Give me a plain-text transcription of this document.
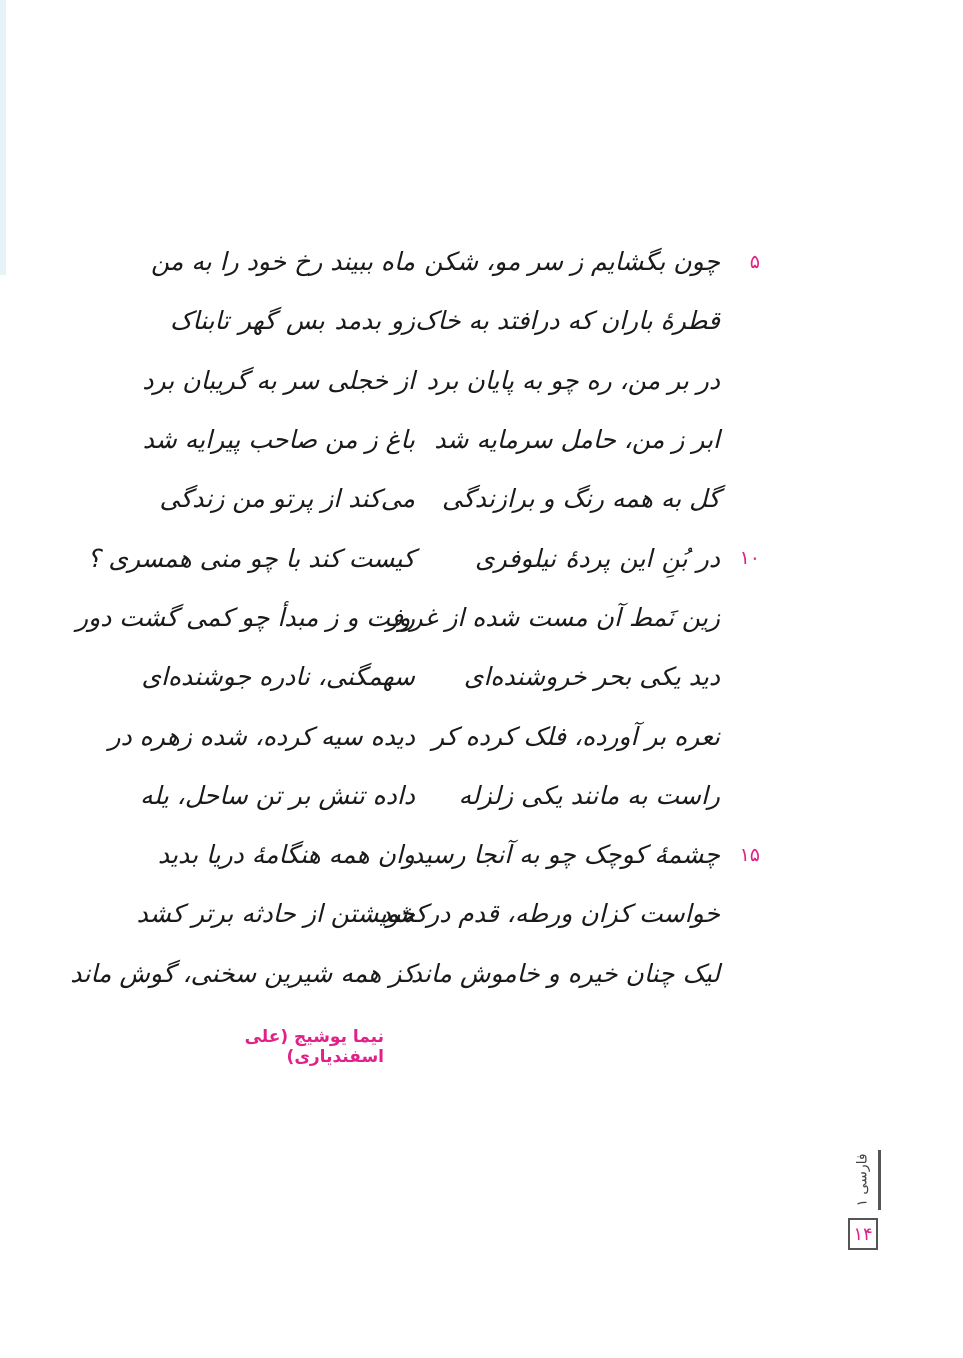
۵
چون بگشایم ز سر مو، شکن
ماه ببیند رخ خود را به من
قطرهٔ باران که درافتد به خاک
زو بدمد بس گهر تابناک
در بر من، ره چو به پایان برد
از خجلی سر به گریبان برد
ابر ز من، حامل سرمایه شد
باغ ز من صاحب پیرایه شد
گل به همه رنگ و برازندگی
می‌کند از پرتو من زندگی
۱۰
در بُنِ این پردهٔ نیلوفری
کیست کند با چو منی همسری ؟
زین نَمط آن مست شده از غرور
رفت و ز مبدأ چو کمی گشت دور
دید یکی بحر خروشنده‌ای
سهمگنی، نادره جوشنده‌ای
نعره بر آورده، فلک کرده کر
دیده سیه کرده، شده زهره در
راست به مانند یکی زلزله
داده تنش بر تن ساحل، یله
۱۵
چشمهٔ کوچک چو به آنجا رسید
وان همه هنگامهٔ دریا بدید
خواست کزان ورطه، قدم درکشد
خویشتن از حادثه برتر کشد
لیک چنان خیره و خاموش ماند
کز همه شیرین سخنی، گوش ماند
نیما یوشیج (علی اسفندیاری)
فارسی ۱
۱۴
